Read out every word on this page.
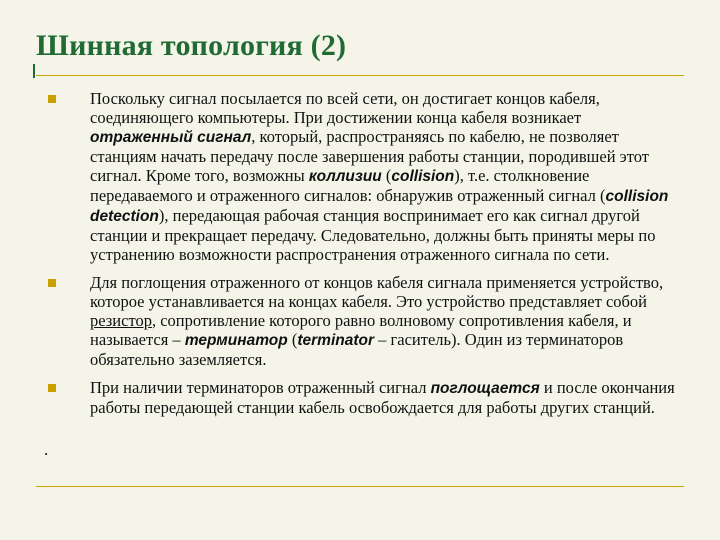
Шинная топология (2)
Поскольку сигнал посылается по всей сети, он достигает концов кабеля, соединяющего компьютеры. При достижении конца кабеля возникает отраженный сигнал, который, распространяясь по кабелю, не позволяет станциям начать передачу после завершения работы станции, породившей этот сигнал. Кроме того, возможны коллизии (collision), т.е. столкновение передаваемого и отраженного сигналов: обнаружив отраженный сигнал (collision detection), передающая рабочая станция воспринимает его как сигнал другой станции и прекращает передачу. Следовательно, должны быть приняты меры по устранению возможности распространения отраженного сигнала по сети.
Для поглощения отраженного от концов кабеля сигнала применяется устройство, которое устанавливается на концах кабеля. Это устройство представляет собой резистор, сопротивление которого равно волновому сопротивления кабеля, и называется – терминатор (terminator – гаситель). Один из терминаторов обязательно заземляется.
При наличии терминаторов отраженный сигнал поглощается и после окончания работы передающей станции кабель освобождается для работы других станций.
.
